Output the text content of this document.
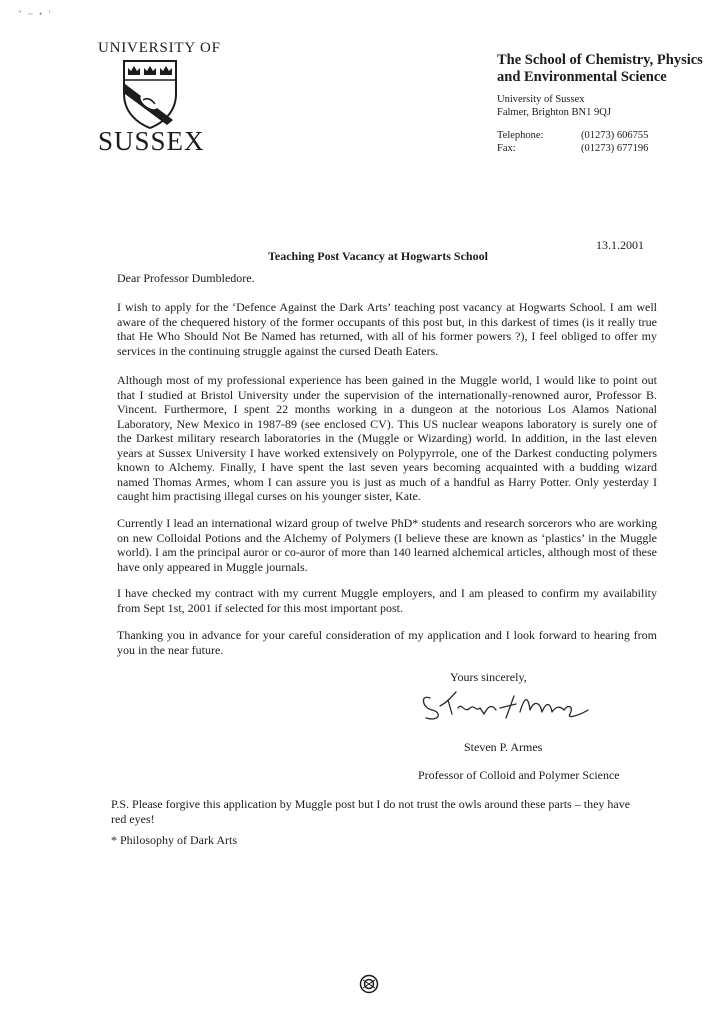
" ~ • '
UNIVERSITY OF
SUSSEX
The School of Chemistry, Physics and Environmental Science
University of Sussex
Falmer, Brighton BN1 9QJ
Telephone:	(01273) 606755
Fax:	(01273) 677196
13.1.2001
Teaching Post Vacancy at Hogwarts School
Dear Professor Dumbledore.
I wish to apply for the ‘Defence Against the Dark Arts’ teaching post vacancy at Hogwarts School. I am well aware of the chequered history of the former occupants of this post but, in this darkest of times (is it really true that He Who Should Not Be Named has returned, with all of his former powers ?), I feel obliged to offer my services in the continuing struggle against the cursed Death Eaters.
Although most of my professional experience has been gained in the Muggle world, I would like to point out that I studied at Bristol University under the supervision of the internationally-renowned auror, Professor B. Vincent. Furthermore, I spent 22 months working in a dungeon at the notorious Los Alamos National Laboratory, New Mexico in 1987-89 (see enclosed CV). This US nuclear weapons laboratory is surely one of the Darkest military research laboratories in the (Muggle or Wizarding) world. In addition, in the last eleven years at Sussex University I have worked extensively on Polypyrrole, one of the Darkest conducting polymers known to Alchemy. Finally, I have spent the last seven years becoming acquainted with a budding wizard named Thomas Armes, whom I can assure you is just as much of a handful as Harry Potter. Only yesterday I caught him practising illegal curses on his younger sister, Kate.
Currently I lead an international wizard group of twelve PhD* students and research sorcerors who are working on new Colloidal Potions and the Alchemy of Polymers (I believe these are known as ‘plastics’ in the Muggle world). I am the principal auror or co-auror of more than 140 learned alchemical articles, although most of these have only appeared in Muggle journals.
I have checked my contract with my current Muggle employers, and I am pleased to confirm my availability from Sept 1st, 2001 if selected for this most important post.
Thanking you in advance for your careful consideration of my application and I look forward to hearing from you in the near future.
Yours sincerely,
Steven P. Armes
Professor of Colloid and Polymer Science
P.S. Please forgive this application by Muggle post but I do not trust the owls around these parts – they have red eyes!
* Philosophy of Dark Arts
